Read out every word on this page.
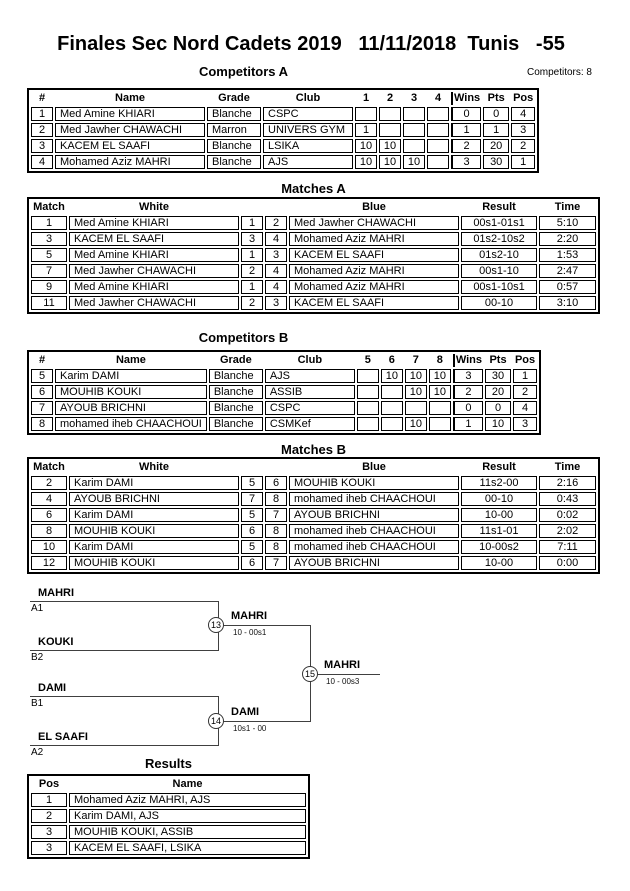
Finales Sec Nord Cadets 2019   11/11/2018  Tunis   -55
Competitors: 8
Competitors A
#	Name	Grade	Club	1	2	3	4	Wins	Pts	Pos
1	Med Amine KHIARI	Blanche	CSPC					0	0	4
2	Med Jawher CHAWACHI	Marron	UNIVERS GYM	1				1	1	3
3	KACEM EL SAAFI	Blanche	LSIKA	10	10			2	20	2
4	Mohamed Aziz MAHRI	Blanche	AJS	10	10	10		3	30	1
Matches A
Match	White			Blue	Result	Time
1	Med Amine KHIARI	1	2	Med Jawher CHAWACHI	00s1-01s1	5:10
3	KACEM EL SAAFI	3	4	Mohamed Aziz MAHRI	01s2-10s2	2:20
5	Med Amine KHIARI	1	3	KACEM EL SAAFI	01s2-10	1:53
7	Med Jawher CHAWACHI	2	4	Mohamed Aziz MAHRI	00s1-10	2:47
9	Med Amine KHIARI	1	4	Mohamed Aziz MAHRI	00s1-10s1	0:57
11	Med Jawher CHAWACHI	2	3	KACEM EL SAAFI	00-10	3:10
Competitors B
#	Name	Grade	Club	5	6	7	8	Wins	Pts	Pos
5	Karim DAMI	Blanche	AJS		10	10	10	3	30	1
6	MOUHIB KOUKI	Blanche	ASSIB			10	10	2	20	2
7	AYOUB BRICHNI	Blanche	CSPC					0	0	4
8	mohamed iheb CHAACHOUI	Blanche	CSMKef			10		1	10	3
Matches B
Match	White			Blue	Result	Time
2	Karim DAMI	5	6	MOUHIB KOUKI	11s2-00	2:16
4	AYOUB BRICHNI	7	8	mohamed iheb CHAACHOUI	00-10	0:43
6	Karim DAMI	5	7	AYOUB BRICHNI	10-00	0:02
8	MOUHIB KOUKI	6	8	mohamed iheb CHAACHOUI	11s1-01	2:02
10	Karim DAMI	5	8	mohamed iheb CHAACHOUI	10-00s2	7:11
12	MOUHIB KOUKI	6	7	AYOUB BRICHNI	10-00	0:00
MAHRI
A1
KOUKI
B2
DAMI
B1
EL SAAFI
A2
13
14
15
MAHRI
10 - 00s1
DAMI
10s1 - 00
MAHRI
10 - 00s3
Results
Pos	Name
1	Mohamed Aziz MAHRI, AJS
2	Karim DAMI, AJS
3	MOUHIB KOUKI, ASSIB
3	KACEM EL SAAFI, LSIKA
